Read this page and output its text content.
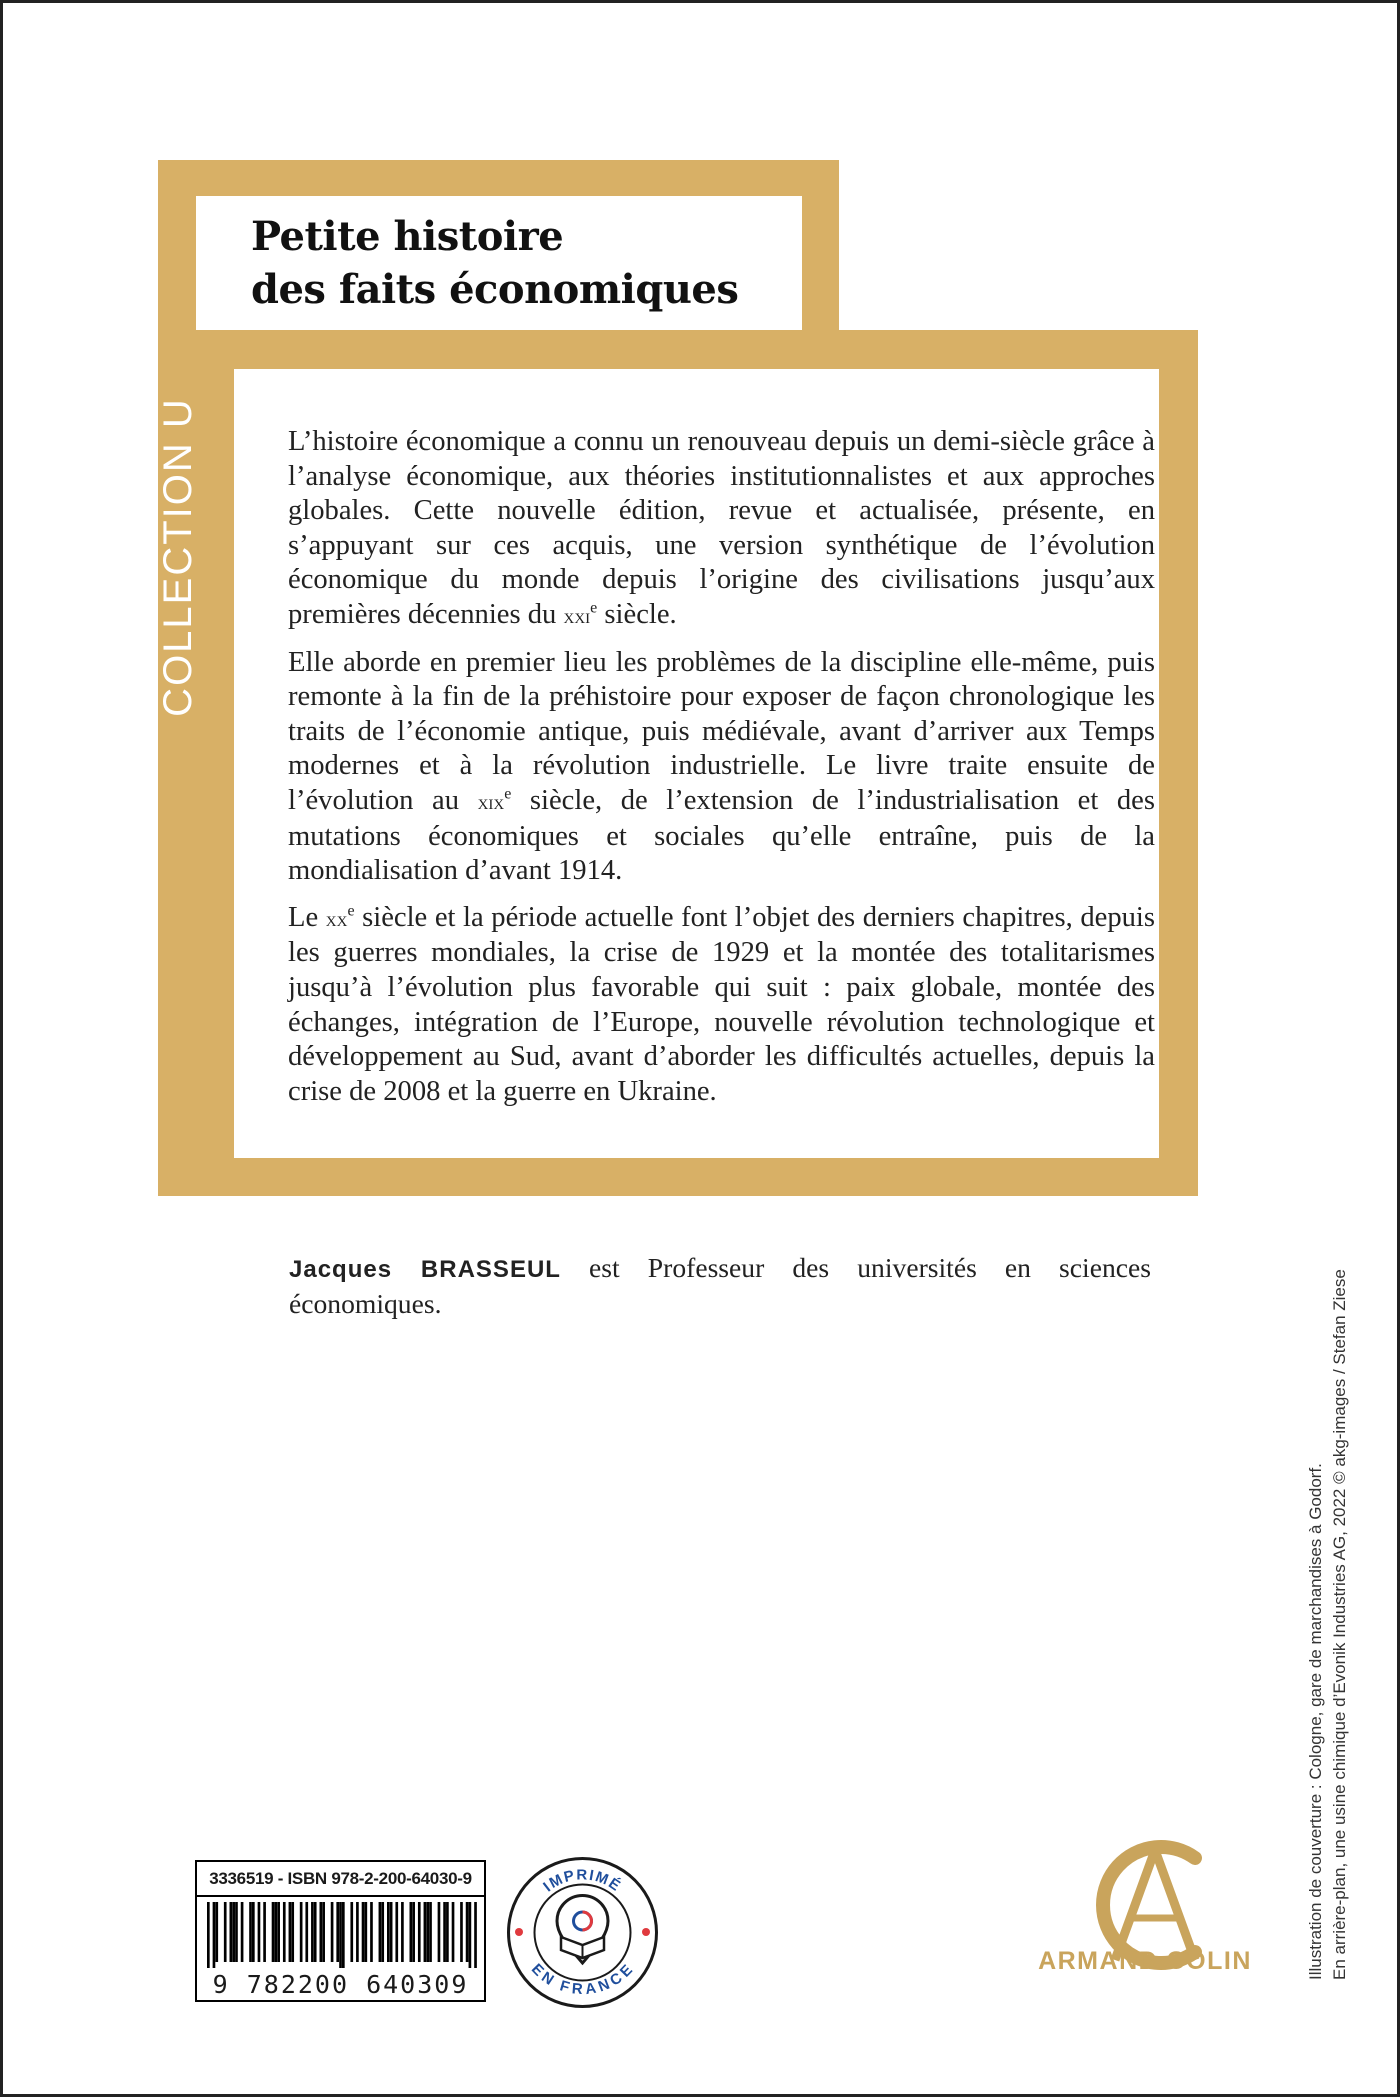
Petite histoire
des faits économiques
COLLECTION U	L’histoire économique a connu un renouveau depuis un demi-siècle grâce à l’analyse économique, aux théories institutionnalistes et aux approches globales. Cette nouvelle édition, revue et actualisée, présente, en s’appuyant sur ces acquis, une version synthétique de l’évolution économique du monde depuis l’origine des civilisations jusqu’aux premières décennies du xxi$^e$ siècle.

Elle aborde en premier lieu les problèmes de la discipline elle-même, puis remonte à la fin de la préhistoire pour exposer de façon chronologique les traits de l’économie antique, puis médiévale, avant d’arriver aux Temps modernes et à la révolution industrielle. Le livre traite ensuite de l’évolution au xix$^e$ siècle, de l’extension de l’industrialisation et des mutations économiques et sociales qu’elle entraîne, puis de la mondialisation d’avant 1914.

Le $xx^e$ siècle et la période actuelle font l’objet des derniers chapitres, depuis les guerres mondiales, la crise de 1929 et la montée des totalitarismes jusqu’à l’évolution plus favorable qui suit : paix globale, montée des échanges, intégration de l’Europe, nouvelle révolution technologique et développement au Sud, avant d’aborder les difficultés actuelles, depuis la crise de 2008 et la guerre en Ukraine.

Jacques BRASSEUL est Professeur des universités en sciences économiques.
Illustration de couverture : Cologne, gare de marchandises à Godorf. En arrière-plan, une usine chimique d’Evonik Industries AG, 2022 © akg-images / Stefan Ziese
3336519 - ISBN 978-2-200-64030-9
9 782200 640309
IMPRIMÉ
EN FRANCE	ARMAND COLIN
